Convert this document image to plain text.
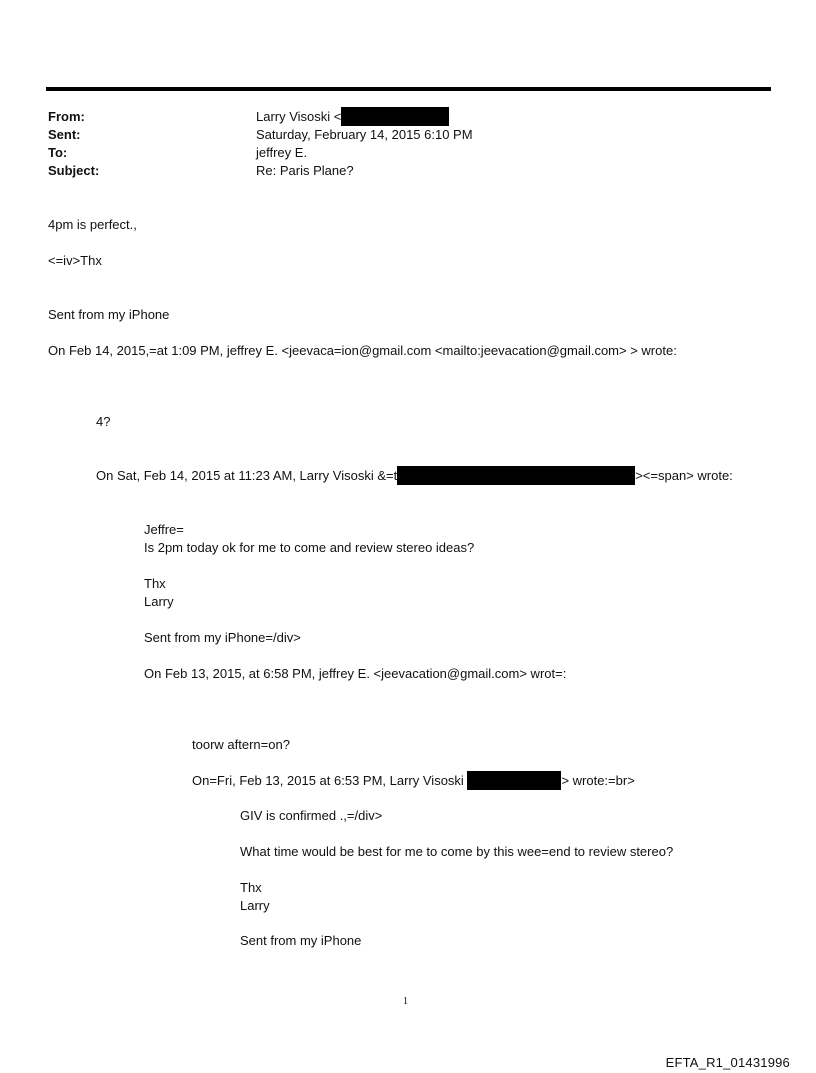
From:	Larry Visoski <
Sent:	Saturday, February 14, 2015 6:10 PM
To:	jeffrey E.
Subject:	Re: Paris Plane?
4pm is perfect.,
<=iv>Thx
Sent from my iPhone
On Feb 14, 2015,=at 1:09 PM, jeffrey E. <jeevaca=ion@gmail.com <mailto:jeevacation@gmail.com> > wrote:
4?
On Sat, Feb 14, 2015 at 11:23 AM, Larry Visoski &=t	><=span> wrote:
Jeffre=
Is 2pm today ok for me to come and review stereo ideas?
Thx
Larry
Sent from my iPhone=/div>
On Feb 13, 2015, at 6:58 PM, jeffrey E. <jeevacation@gmail.com> wrot=:
toorw aftern=on?
On=Fri, Feb 13, 2015 at 6:53 PM, Larry Visoski	> wrote:=br>
GIV is confirmed .,=/div>
What time would be best for me to come by this wee=end to review stereo?
Thx
Larry
Sent from my iPhone
1
EFTA_R1_01431996
